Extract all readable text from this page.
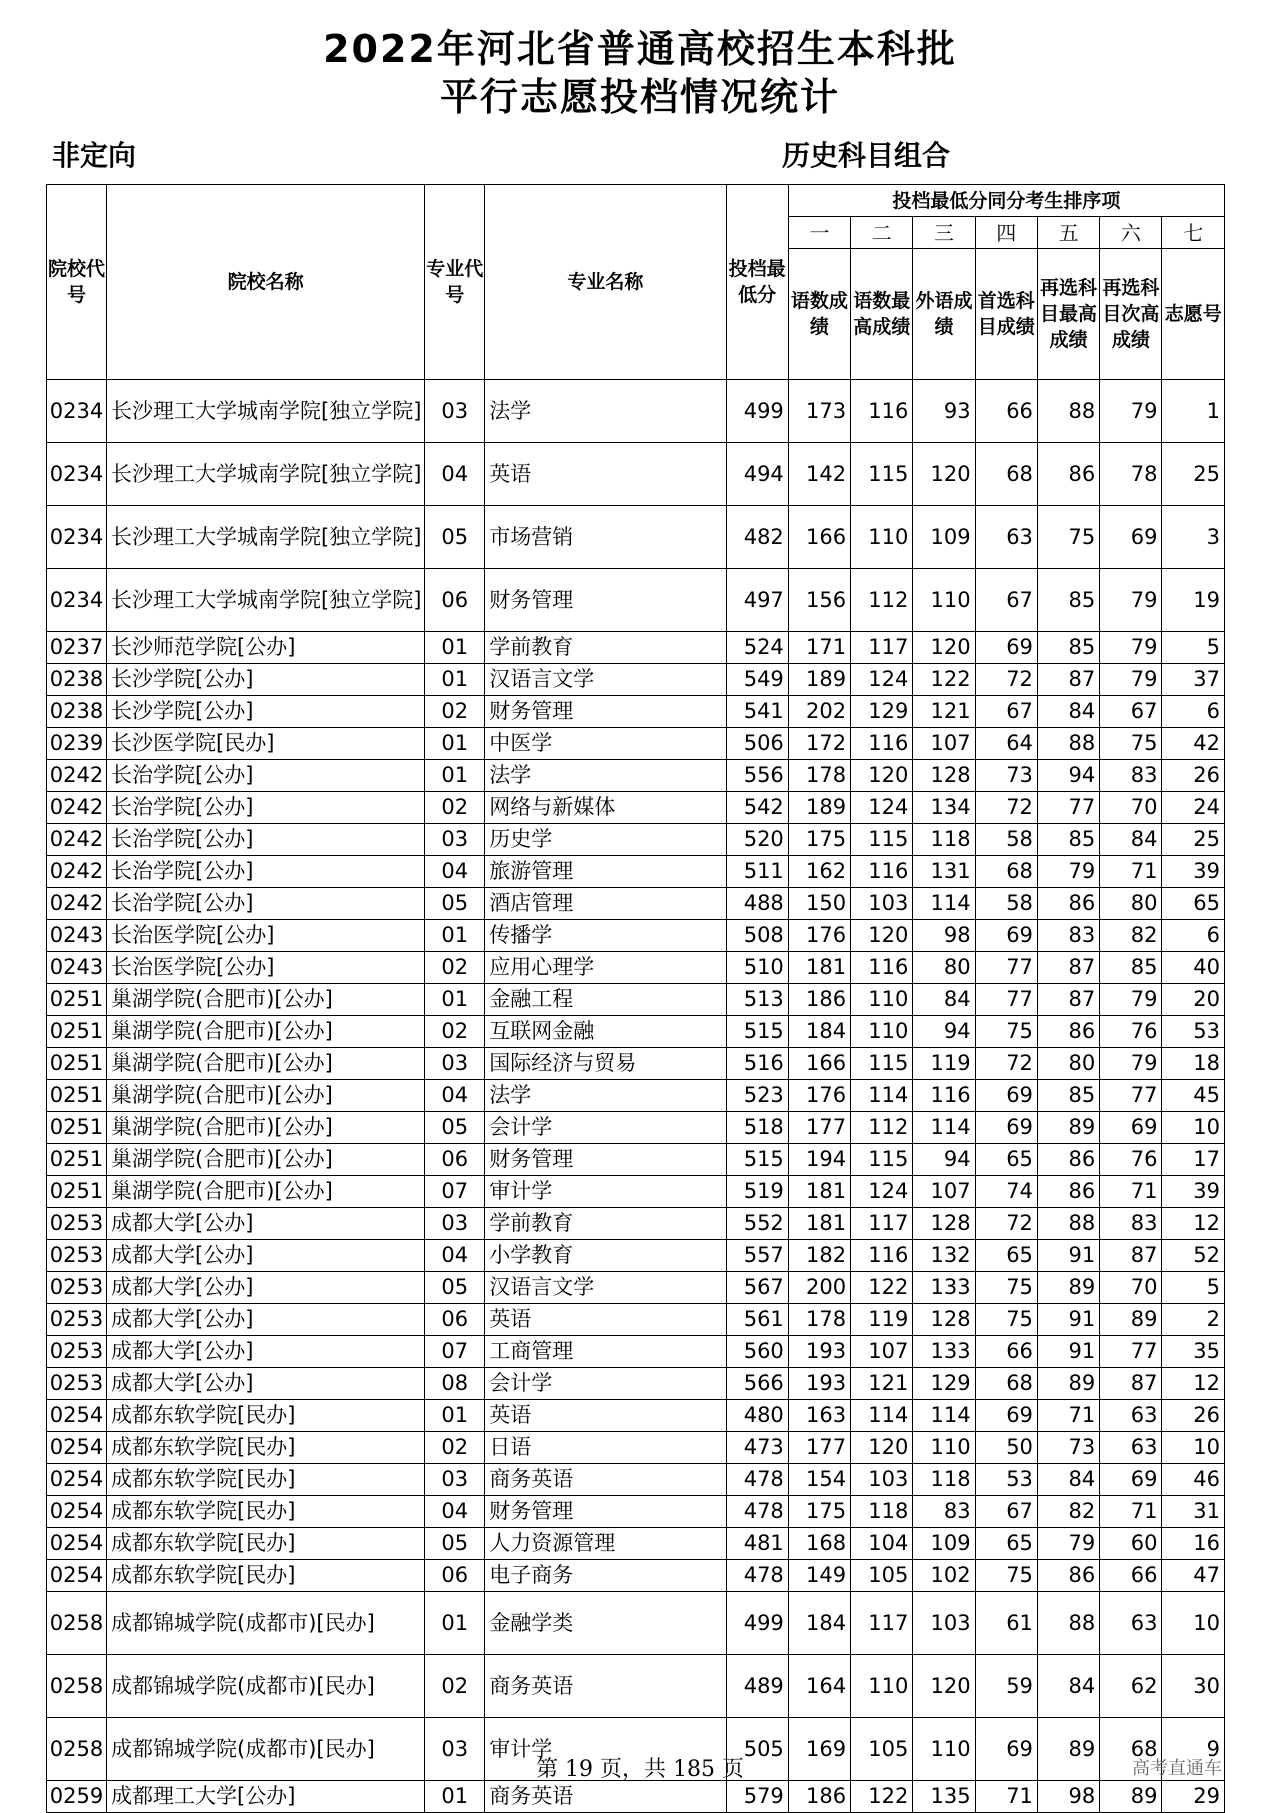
2022年河北省普通高校招生本科批
平行志愿投档情况统计
非定向	历史科目组合
院校代号	院校名称	专业代号	专业名称	投档最低分	投档最低分同分考生排序项						
					一	二	三	四	五	六	七
					语数成绩	语数最高成绩	外语成绩	首选科目成绩	再选科目最高成绩	再选科目次高成绩	志愿号
0234	长沙理工大学城南学院[独立学院]	03	法学	499	173	116	93	66	88	79	1
0234	长沙理工大学城南学院[独立学院]	04	英语	494	142	115	120	68	86	78	25
0234	长沙理工大学城南学院[独立学院]	05	市场营销	482	166	110	109	63	75	69	3
0234	长沙理工大学城南学院[独立学院]	06	财务管理	497	156	112	110	67	85	79	19
0237	长沙师范学院[公办]	01	学前教育	524	171	117	120	69	85	79	5
0238	长沙学院[公办]	01	汉语言文学	549	189	124	122	72	87	79	37
0238	长沙学院[公办]	02	财务管理	541	202	129	121	67	84	67	6
0239	长沙医学院[民办]	01	中医学	506	172	116	107	64	88	75	42
0242	长治学院[公办]	01	法学	556	178	120	128	73	94	83	26
0242	长治学院[公办]	02	网络与新媒体	542	189	124	134	72	77	70	24
0242	长治学院[公办]	03	历史学	520	175	115	118	58	85	84	25
0242	长治学院[公办]	04	旅游管理	511	162	116	131	68	79	71	39
0242	长治学院[公办]	05	酒店管理	488	150	103	114	58	86	80	65
0243	长治医学院[公办]	01	传播学	508	176	120	98	69	83	82	6
0243	长治医学院[公办]	02	应用心理学	510	181	116	80	77	87	85	40
0251	巢湖学院(合肥市)[公办]	01	金融工程	513	186	110	84	77	87	79	20
0251	巢湖学院(合肥市)[公办]	02	互联网金融	515	184	110	94	75	86	76	53
0251	巢湖学院(合肥市)[公办]	03	国际经济与贸易	516	166	115	119	72	80	79	18
0251	巢湖学院(合肥市)[公办]	04	法学	523	176	114	116	69	85	77	45
0251	巢湖学院(合肥市)[公办]	05	会计学	518	177	112	114	69	89	69	10
0251	巢湖学院(合肥市)[公办]	06	财务管理	515	194	115	94	65	86	76	17
0251	巢湖学院(合肥市)[公办]	07	审计学	519	181	124	107	74	86	71	39
0253	成都大学[公办]	03	学前教育	552	181	117	128	72	88	83	12
0253	成都大学[公办]	04	小学教育	557	182	116	132	65	91	87	52
0253	成都大学[公办]	05	汉语言文学	567	200	122	133	75	89	70	5
0253	成都大学[公办]	06	英语	561	178	119	128	75	91	89	2
0253	成都大学[公办]	07	工商管理	560	193	107	133	66	91	77	35
0253	成都大学[公办]	08	会计学	566	193	121	129	68	89	87	12
0254	成都东软学院[民办]	01	英语	480	163	114	114	69	71	63	26
0254	成都东软学院[民办]	02	日语	473	177	120	110	50	73	63	10
0254	成都东软学院[民办]	03	商务英语	478	154	103	118	53	84	69	46
0254	成都东软学院[民办]	04	财务管理	478	175	118	83	67	82	71	31
0254	成都东软学院[民办]	05	人力资源管理	481	168	104	109	65	79	60	16
0254	成都东软学院[民办]	06	电子商务	478	149	105	102	75	86	66	47
0258	成都锦城学院(成都市)[民办]	01	金融学类	499	184	117	103	61	88	63	10
0258	成都锦城学院(成都市)[民办]	02	商务英语	489	164	110	120	59	84	62	30
0258	成都锦城学院(成都市)[民办]	03	审计学	505	169	105	110	69	89	68	9
0259	成都理工大学[公办]	01	商务英语	579	186	122	135	71	98	89	29
第 19 页，共 185 页	高考直通车
